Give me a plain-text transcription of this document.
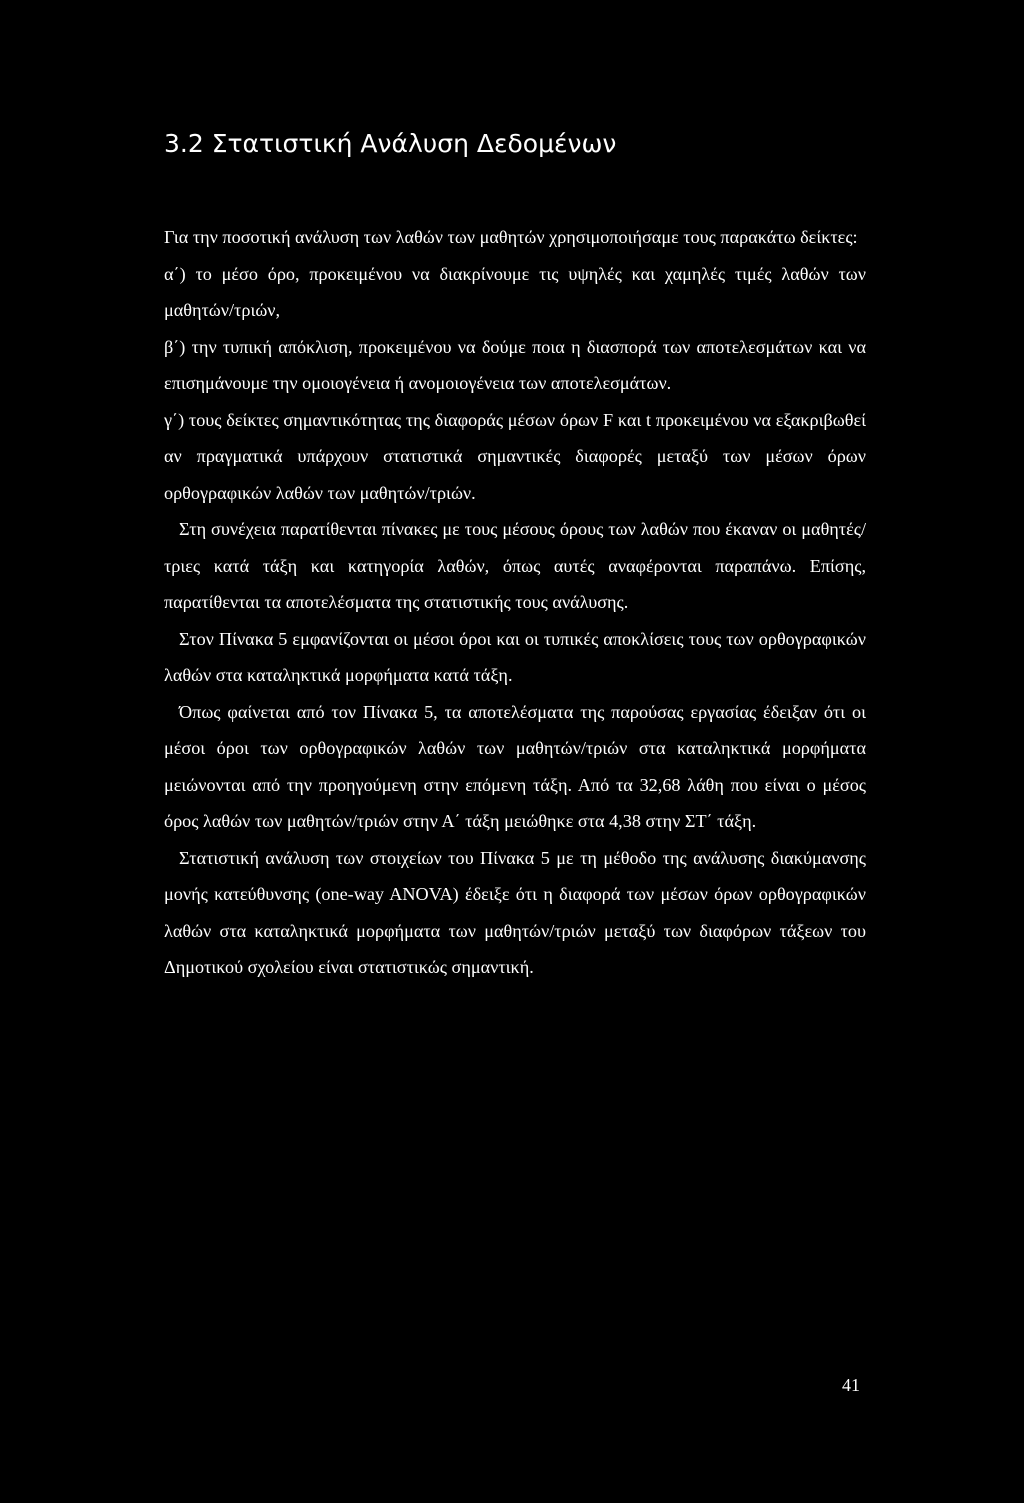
3.2 Στατιστική Ανάλυση Δεδομένων

Για την ποσοτική ανάλυση των λαθών των μαθητών χρησιμοποιήσαμε τους παρακάτω δείκτες:

α΄) το μέσο όρο, προκειμένου να διακρίνουμε τις υψηλές και χαμηλές τιμές λαθών των μαθητών/τριών,

β΄) την τυπική απόκλιση, προκειμένου να δούμε ποια η διασπορά των αποτελεσμάτων και να επισημάνουμε την ομοιογένεια ή ανομοιογένεια των αποτελεσμάτων.

γ΄) τους δείκτες σημαντικότητας της διαφοράς μέσων όρων F και t προκειμένου να εξακριβωθεί αν πραγματικά υπάρχουν στατιστικά σημαντικές διαφορές μεταξύ των μέσων όρων ορθογραφικών λαθών των μαθητών/τριών.

Στη συνέχεια παρατίθενται πίνακες με τους μέσους όρους των λαθών που έκαναν οι μαθητές/τριες κατά τάξη και κατηγορία λαθών, όπως αυτές αναφέρονται παραπάνω. Επίσης, παρατίθενται τα αποτελέσματα της στατιστικής τους ανάλυσης.

Στον Πίνακα 5 εμφανίζονται οι μέσοι όροι και οι τυπικές αποκλίσεις τους των ορθογραφικών λαθών στα καταληκτικά μορφήματα κατά τάξη.

Όπως φαίνεται από τον Πίνακα 5, τα αποτελέσματα της παρούσας εργασίας έδειξαν ότι οι μέσοι όροι των ορθογραφικών λαθών των μαθητών/τριών στα καταληκτικά μορφήματα μειώνονται από την προηγούμενη στην επόμενη τάξη. Από τα 32,68 λάθη που είναι ο μέσος όρος λαθών των μαθητών/τριών στην Α΄ τάξη μειώθηκε στα 4,38 στην ΣΤ΄ τάξη.

Στατιστική ανάλυση των στοιχείων του Πίνακα 5 με τη μέθοδο της ανάλυσης διακύμανσης μονής κατεύθυνσης (one-way ANOVA) έδειξε ότι η διαφορά των μέσων όρων ορθογραφικών λαθών στα καταληκτικά μορφήματα των μαθητών/τριών μεταξύ των διαφόρων τάξεων του Δημοτικού σχολείου είναι στατιστικώς σημαντική.

41
